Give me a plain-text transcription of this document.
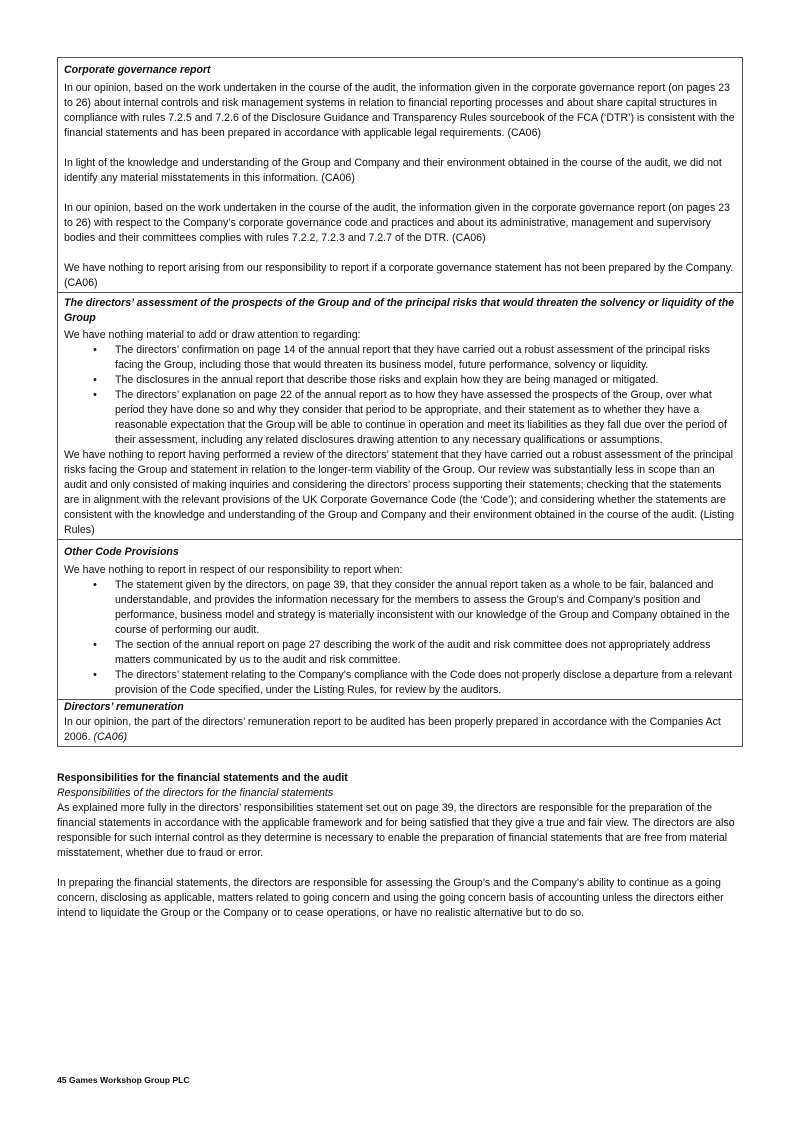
Corporate governance report

In our opinion, based on the work undertaken in the course of the audit, the information given in the corporate governance report (on pages 23 to 26) about internal controls and risk management systems in relation to financial reporting processes and about share capital structures in compliance with rules 7.2.5 and 7.2.6 of the Disclosure Guidance and Transparency Rules sourcebook of the FCA (‘DTR’) is consistent with the financial statements and has been prepared in accordance with applicable legal requirements. (CA06)

In light of the knowledge and understanding of the Group and Company and their environment obtained in the course of the audit, we did not identify any material misstatements in this information. (CA06)

In our opinion, based on the work undertaken in the course of the audit, the information given in the corporate governance report (on pages 23 to 26) with respect to the Company’s corporate governance code and practices and about its administrative, management and supervisory bodies and their committees complies with rules 7.2.2, 7.2.3 and 7.2.7 of the DTR. (CA06)

We have nothing to report arising from our responsibility to report if a corporate governance statement has not been prepared by the Company. (CA06)

The directors’ assessment of the prospects of the Group and of the principal risks that would threaten the solvency or liquidity of the Group
We have nothing material to add or draw attention to regarding:
• The directors’ confirmation on page 14 of the annual report that they have carried out a robust assessment of the principal risks facing the Group, including those that would threaten its business model, future performance, solvency or liquidity.
• The disclosures in the annual report that describe those risks and explain how they are being managed or mitigated.
• The directors’ explanation on page 22 of the annual report as to how they have assessed the prospects of the Group, over what period they have done so and why they consider that period to be appropriate, and their statement as to whether they have a reasonable expectation that the Group will be able to continue in operation and meet its liabilities as they fall due over the period of their assessment, including any related disclosures drawing attention to any necessary qualifications or assumptions.
We have nothing to report having performed a review of the directors’ statement that they have carried out a robust assessment of the principal risks facing the Group and statement in relation to the longer-term viability of the Group. Our review was substantially less in scope than an audit and only consisted of making inquiries and considering the directors’ process supporting their statements; checking that the statements are in alignment with the relevant provisions of the UK Corporate Governance Code (the ‘Code’); and considering whether the statements are consistent with the knowledge and understanding of the Group and Company and their environment obtained in the course of the audit. (Listing Rules)

Other Code Provisions
We have nothing to report in respect of our responsibility to report when:
• The statement given by the directors, on page 39, that they consider the annual report taken as a whole to be fair, balanced and understandable, and provides the information necessary for the members to assess the Group’s and Company’s position and performance, business model and strategy is materially inconsistent with our knowledge of the Group and Company obtained in the course of performing our audit.
• The section of the annual report on page 27 describing the work of the audit and risk committee does not appropriately address matters communicated by us to the audit and risk committee.
• The directors’ statement relating to the Company’s compliance with the Code does not properly disclose a departure from a relevant provision of the Code specified, under the Listing Rules, for review by the auditors.

Directors’ remuneration
In our opinion, the part of the directors’ remuneration report to be audited has been properly prepared in accordance with the Companies Act 2006. (CA06)
Responsibilities for the financial statements and the audit
Responsibilities of the directors for the financial statements

As explained more fully in the directors’ responsibilities statement set out on page 39, the directors are responsible for the preparation of the financial statements in accordance with the applicable framework and for being satisfied that they give a true and fair view. The directors are also responsible for such internal control as they determine is necessary to enable the preparation of financial statements that are free from material misstatement, whether due to fraud or error.

In preparing the financial statements, the directors are responsible for assessing the Group’s and the Company’s ability to continue as a going concern, disclosing as applicable, matters related to going concern and using the going concern basis of accounting unless the directors either intend to liquidate the Group or the Company or to cease operations, or have no realistic alternative but to do so.

45 Games Workshop Group PLC
